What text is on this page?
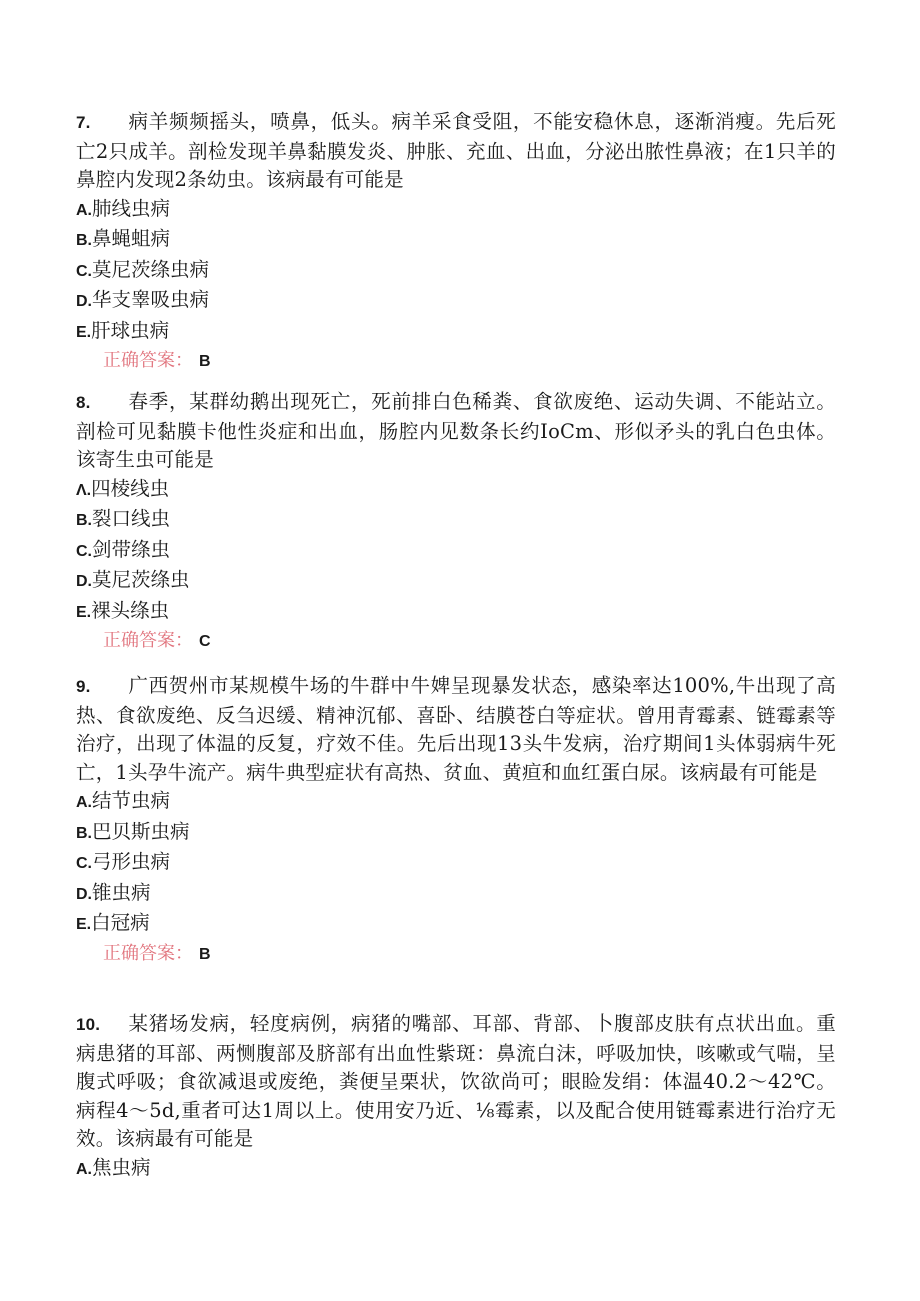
7. 病羊频频摇头，喷鼻，低头。病羊采食受阻，不能安稳休息，逐渐消瘦。先后死亡2只成羊。剖检发现羊鼻黏膜发炎、肿胀、充血、出血，分泌出脓性鼻液；在1只羊的鼻腔内发现2条幼虫。该病最有可能是

A.肺线虫病

B.鼻蝇蛆病

C.莫尼茨绦虫病

D.华支睾吸虫病

E.肝球虫病

正确答案： B

8. 春季，某群幼鹅出现死亡，死前排白色稀粪、食欲废绝、运动失调、不能站立。剖检可见黏膜卡他性炎症和出血，肠腔内见数条长约IoCm、形似矛头的乳白色虫体。该寄生虫可能是

Λ.四棱线虫

B.裂口线虫

C.剑带绦虫

D.莫尼茨绦虫

E.裸头绦虫

正确答案： C

9. 广西贺州市某规模牛场的牛群中牛婢呈现暴发状态，感染率达100%,牛出现了高热、食欲废绝、反刍迟缓、精神沉郁、喜卧、结膜苍白等症状。曾用青霉素、链霉素等治疗，出现了体温的反复，疗效不佳。先后出现13头牛发病，治疗期间1头体弱病牛死亡，1头孕牛流产。病牛典型症状有高热、贫血、黄疸和血红蛋白尿。该病最有可能是

A.结节虫病

B.巴贝斯虫病

C.弓形虫病

D.锥虫病

E.白冠病

正确答案： B

10. 某猪场发病，轻度病例，病猪的嘴部、耳部、背部、卜腹部皮肤有点状出血。重病患猪的耳部、两恻腹部及脐部有出血性紫斑：鼻流白沫，呼吸加快，咳嗽或气喘，呈腹式呼吸；食欲减退或废绝，粪便呈栗状，饮欲尚可；眼睑发绢：体温40.2〜42℃。病程4〜5d,重者可达1周以上。使用安乃近、⅛霉素，以及配合使用链霉素进行治疗无效。该病最有可能是

A.焦虫病
